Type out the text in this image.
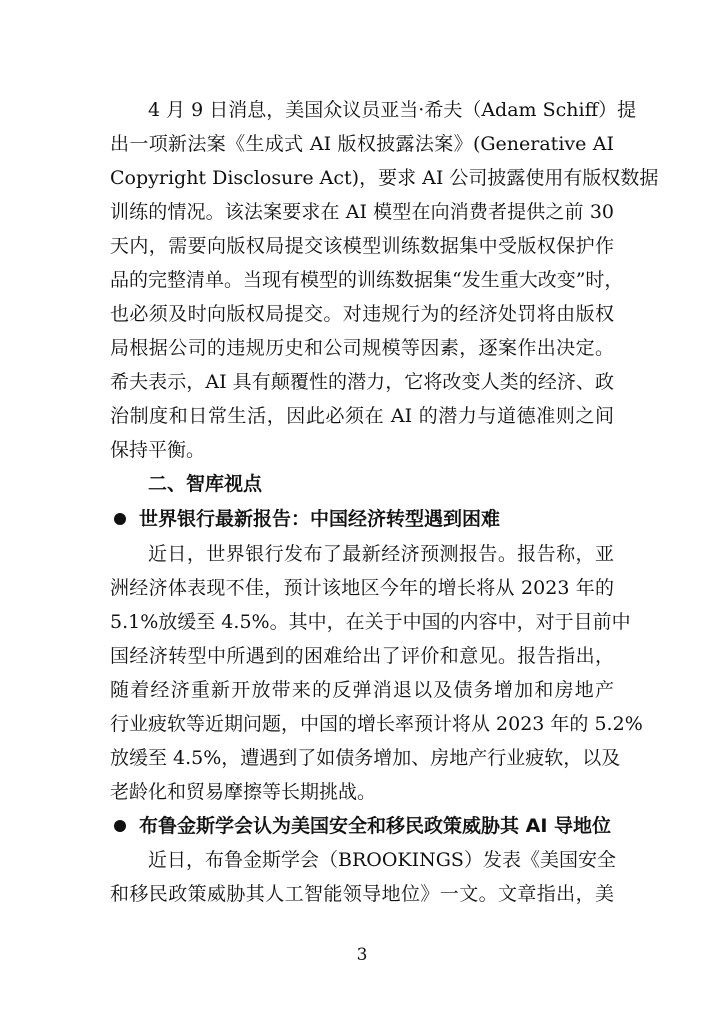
4 月 9 日消息，美国众议员亚当·希夫（Adam Schiff）提
出一项新法案《生成式 AI 版权披露法案》(Generative AI
Copyright Disclosure Act)，要求 AI 公司披露使用有版权数据
训练的情况。该法案要求在 AI 模型在向消费者提供之前 30
天内，需要向版权局提交该模型训练数据集中受版权保护作
品的完整清单。当现有模型的训练数据集“发生重大改变”时，
也必须及时向版权局提交。对违规行为的经济处罚将由版权
局根据公司的违规历史和公司规模等因素，逐案作出决定。
希夫表示，AI 具有颠覆性的潜力，它将改变人类的经济、政
治制度和日常生活，因此必须在 AI 的潜力与道德准则之间
保持平衡。
二、智库视点
世界银行最新报告：中国经济转型遇到困难
近日，世界银行发布了最新经济预测报告。报告称，亚
洲经济体表现不佳，预计该地区今年的增长将从 2023 年的
5.1%放缓至 4.5%。其中，在关于中国的内容中，对于目前中
国经济转型中所遇到的困难给出了评价和意见。报告指出，
随着经济重新开放带来的反弹消退以及债务增加和房地产
行业疲软等近期问题，中国的增长率预计将从 2023 年的 5.2%
放缓至 4.5%，遭遇到了如债务增加、房地产行业疲软，以及
老龄化和贸易摩擦等长期挑战。
布鲁金斯学会认为美国安全和移民政策威胁其 AI 导地位
近日，布鲁金斯学会（BROOKINGS）发表《美国安全
和移民政策威胁其人工智能领导地位》一文。文章指出，美
3
